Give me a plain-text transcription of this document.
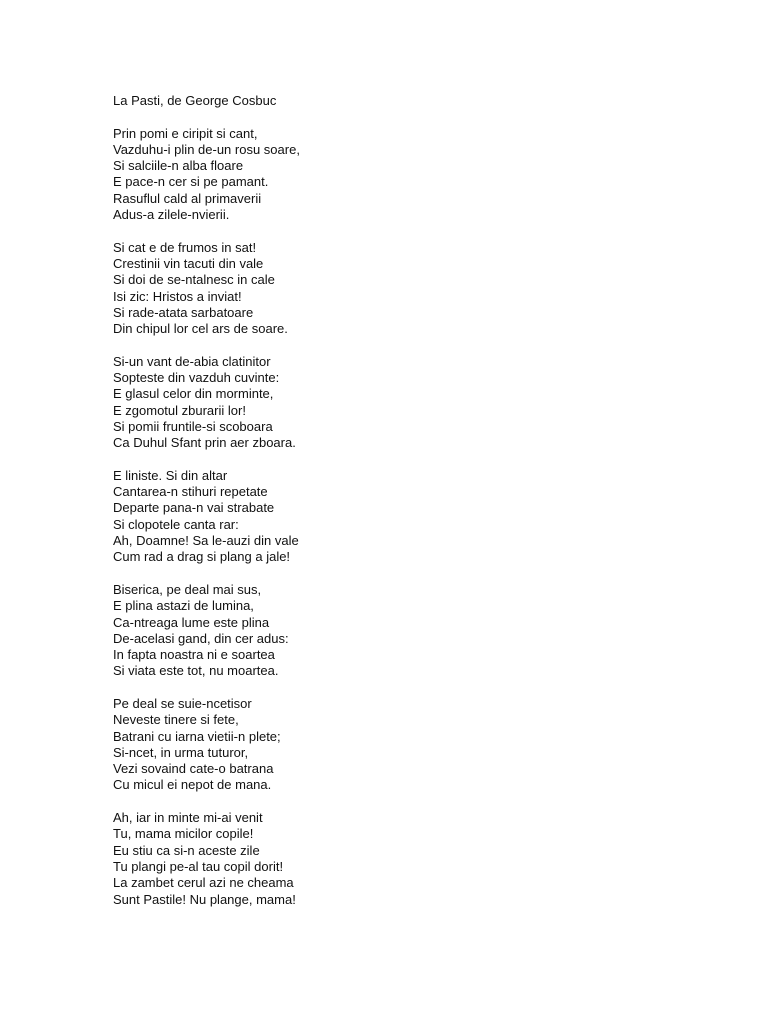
La Pasti, de George Cosbuc
Prin pomi e ciripit si cant,
Vazduhu-i plin de-un rosu soare,
Si salciile-n alba floare
E pace-n cer si pe pamant.
Rasuflul cald al primaverii
Adus-a zilele-nvierii.
Si cat e de frumos in sat!
Crestinii vin tacuti din vale
Si doi de se-ntalnesc in cale
Isi zic: Hristos a inviat!
Si rade-atata sarbatoare
Din chipul lor cel ars de soare.
Si-un vant de-abia clatinitor
Sopteste din vazduh cuvinte:
E glasul celor din morminte,
E zgomotul zburarii lor!
Si pomii fruntile-si scoboara
Ca Duhul Sfant prin aer zboara.
E liniste. Si din altar
Cantarea-n stihuri repetate
Departe pana-n vai strabate
Si clopotele canta rar:
Ah, Doamne! Sa le-auzi din vale
Cum rad a drag si plang a jale!
Biserica, pe deal mai sus,
E plina astazi de lumina,
Ca-ntreaga lume este plina
De-acelasi gand, din cer adus:
In fapta noastra ni e soartea
Si viata este tot, nu moartea.
Pe deal se suie-ncetisor
Neveste tinere si fete,
Batrani cu iarna vietii-n plete;
Si-ncet, in urma tuturor,
Vezi sovaind cate-o batrana
Cu micul ei nepot de mana.
Ah, iar in minte mi-ai venit
Tu, mama micilor copile!
Eu stiu ca si-n aceste zile
Tu plangi pe-al tau copil dorit!
La zambet cerul azi ne cheama
Sunt Pastile! Nu plange, mama!
